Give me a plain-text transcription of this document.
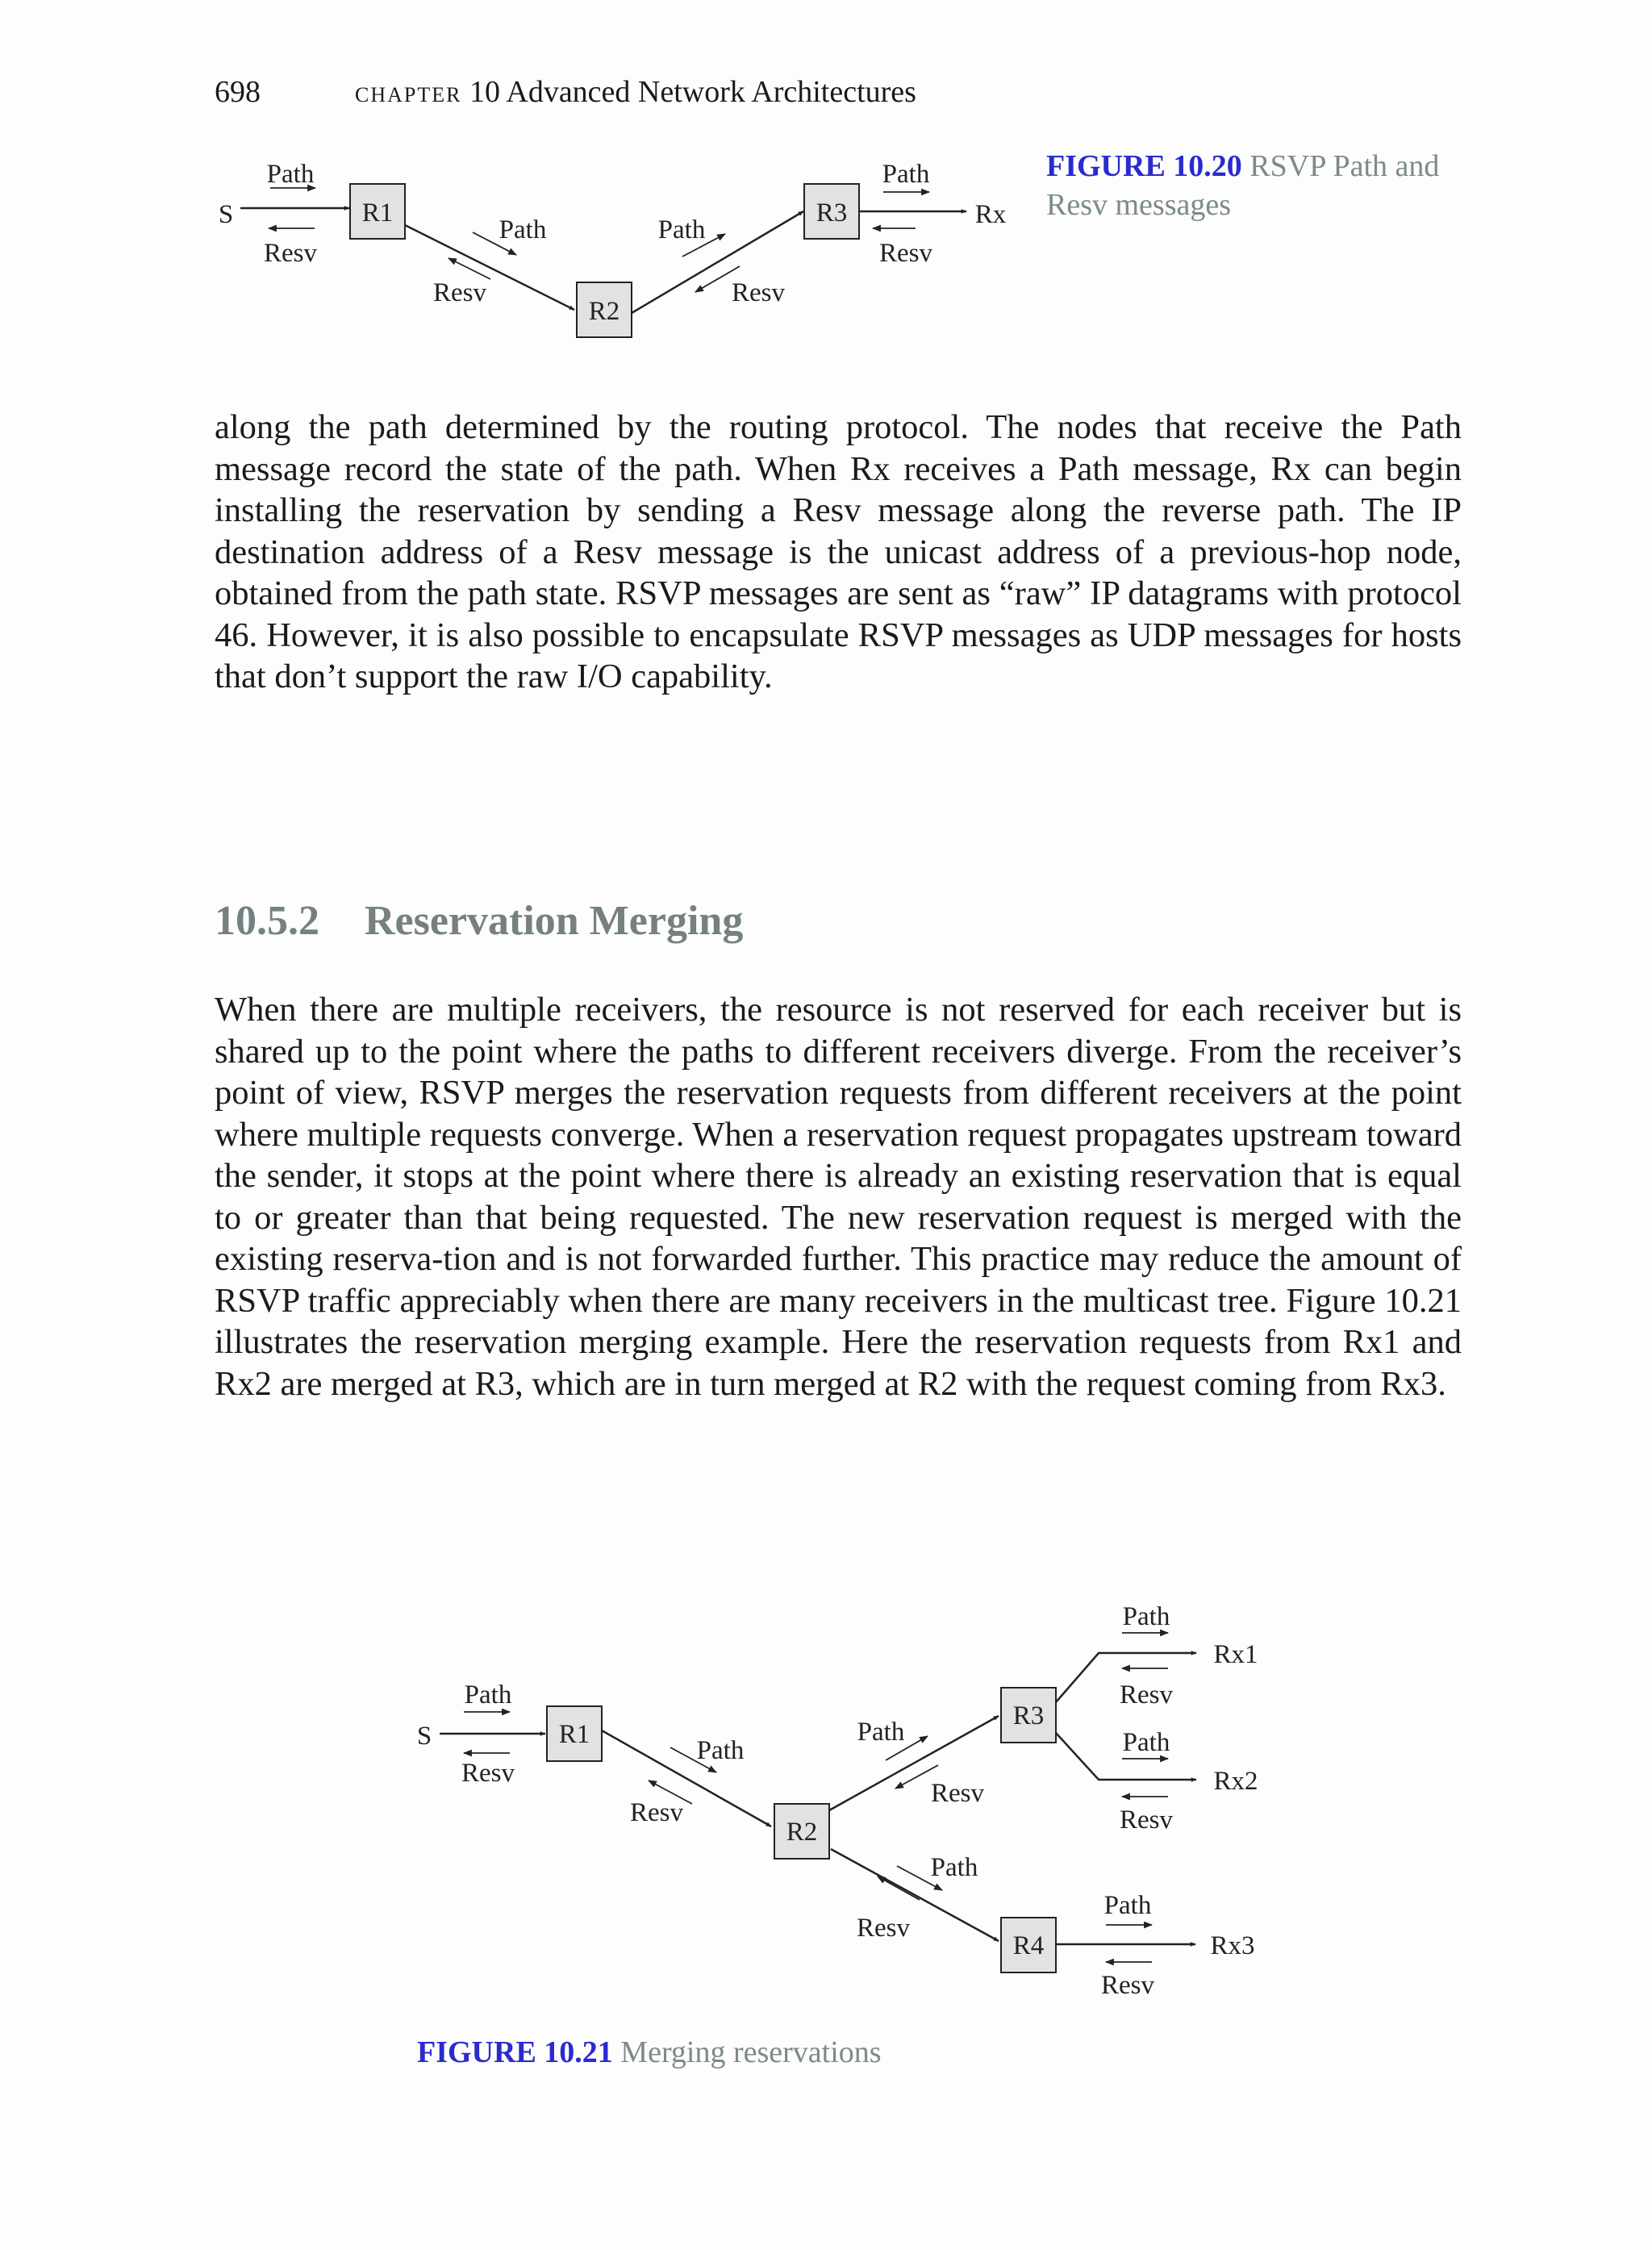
698	CHAPTER 10 Advanced Network Architectures
S	R1
R2
R3	Rx
Path
Resv
Path
Resv
Path
Resv
Path
Resv
S	R1
R2
R3
R4
Rx1
Rx2
Rx3
Path
Resv
Path
Resv
Path
Resv
Path
Resv
Path
Resv
Path
Resv
Path
Resv
FIGURE 10.20 RSVP Path and Resv messages
along the path determined by the routing protocol. The nodes that receive the Path message record the state of the path. When Rx receives a Path message, Rx can begin installing the reservation by sending a Resv message along the reverse path. The IP destination address of a Resv message is the unicast address of a previous-hop node, obtained from the path state. RSVP messages are sent as “raw” IP datagrams with protocol 46. However, it is also possible to encapsulate RSVP messages as UDP messages for hosts that don’t support the raw I/O capability.
10.5.2 Reservation Merging
When there are multiple receivers, the resource is not reserved for each receiver but is shared up to the point where the paths to different receivers diverge. From the receiver’s point of view, RSVP merges the reservation requests from different receivers at the point where multiple requests converge. When a reservation request propagates upstream toward the sender, it stops at the point where there is already an existing reservation that is equal to or greater than that being requested. The new reservation request is merged with the existing reserva-tion and is not forwarded further. This practice may reduce the amount of RSVP traffic appreciably when there are many receivers in the multicast tree. Figure 10.21 illustrates the reservation merging example. Here the reservation requests from Rx1 and Rx2 are merged at R3, which are in turn merged at R2 with the request coming from Rx3.
FIGURE 10.21 Merging reservations
